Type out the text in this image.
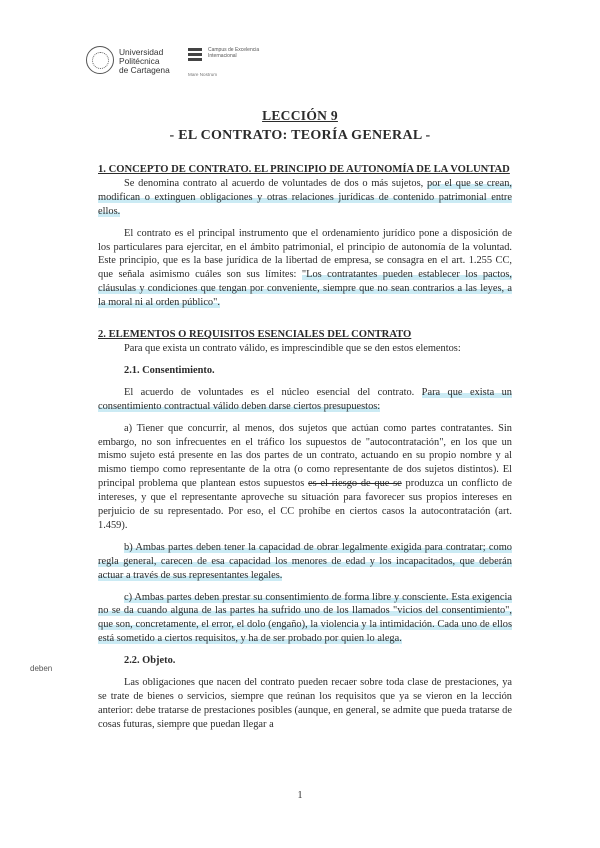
Universidad
Politécnica
de Cartagena
Campus de Excelencia Internacional
Mare Nostrum
LECCIÓN 9
- EL CONTRATO: TEORÍA GENERAL -

1. CONCEPTO DE CONTRATO. EL PRINCIPIO DE AUTONOMÍA DE LA VOLUNTAD

Se denomina contrato al acuerdo de voluntades de dos o más sujetos, por el que se crean, modifican o extinguen obligaciones y otras relaciones jurídicas de contenido patrimonial entre ellos.

El contrato es el principal instrumento que el ordenamiento jurídico pone a disposición de los particulares para ejercitar, en el ámbito patrimonial, el principio de autonomía de la voluntad. Este principio, que es la base jurídica de la libertad de empresa, se consagra en el art. 1.255 CC, que señala asimismo cuáles son sus límites: "Los contratantes pueden establecer los pactos, cláusulas y condiciones que tengan por conveniente, siempre que no sean contrarios a las leyes, a la moral ni al orden público".

2. ELEMENTOS O REQUISITOS ESENCIALES DEL CONTRATO

Para que exista un contrato válido, es imprescindible que se den estos elementos:

2.1. Consentimiento.

El acuerdo de voluntades es el núcleo esencial del contrato. Para que exista un consentimiento contractual válido deben darse ciertos presupuestos:

a) Tiener que concurrir, al menos, dos sujetos que actúan como partes contratantes. Sin embargo, no son infrecuentes en el tráfico los supuestos de "autocontratación", en los que un mismo sujeto está presente en las dos partes de un contrato, actuando en su propio nombre y al mismo tiempo como representante de la otra (o como representante de dos sujetos distintos). El principal problema que plantean estos supuestos es el riesgo de que se produzca un conflicto de intereses, y que el representante aproveche su situación para favorecer sus propios intereses en perjuicio de su representado. Por eso, el CC prohíbe en ciertos casos la autocontratación (art. 1.459).

b) Ambas partes deben tener la capacidad de obrar legalmente exigida para contratar; como regla general, carecen de esa capacidad los menores de edad y los incapacitados, que deberán actuar a través de sus representantes legales.

c) Ambas partes deben prestar su consentimiento de forma libre y consciente. Esta exigencia no se da cuando alguna de las partes ha sufrido uno de los llamados "vicios del consentimiento", que son, concretamente, el error, el dolo (engaño), la violencia y la intimidación. Cada uno de ellos está sometido a ciertos requisitos, y ha de ser probado por quien lo alega.

2.2. Objeto.

Las obligaciones que nacen del contrato pueden recaer sobre toda clase de prestaciones, ya se trate de bienes o servicios, siempre que reúnan los requisitos que ya se vieron en la lección anterior: debe tratarse de prestaciones posibles (aunque, en general, se admite que pueda tratarse de cosas futuras, siempre que puedan llegar a

deben
1
